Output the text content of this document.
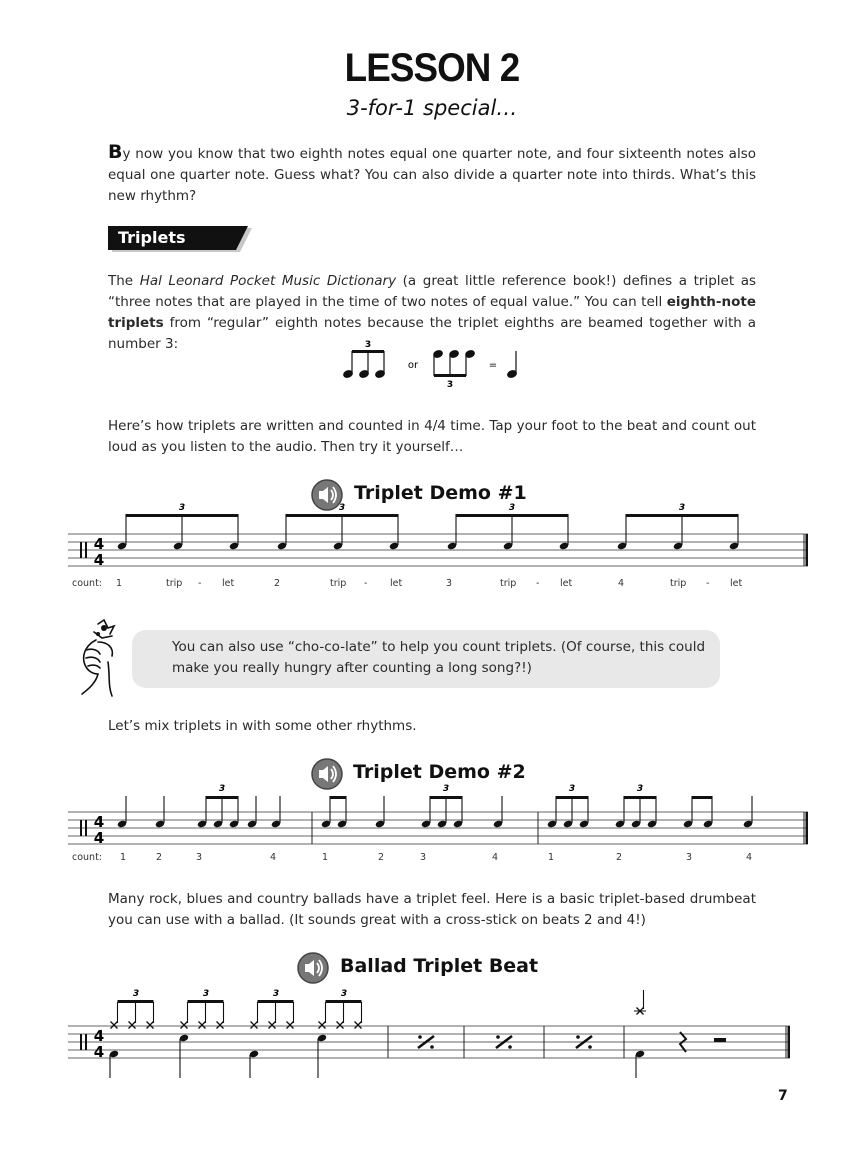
LESSON 2
3-for-1 special…
By now you know that two eighth notes equal one quarter note, and four sixteenth notes also equal one quarter note. Guess what? You can also divide a quarter note into thirds. What’s this new rhythm?
Triplets
The Hal Leonard Pocket Music Dictionary (a great little reference book!) defines a triplet as “three notes that are played in the time of two notes of equal value.” You can tell eighth-note triplets from “regular” eighth notes because the triplet eighths are beamed together with a number 3:	3
3
or	=
Here’s how triplets are written and counted in 4/4 time. Tap your foot to the beat and count out loud as you listen to the audio. Then try it yourself…
Triplet Demo #1
4
4
3	3	3	3
count: 1	trip - let	2	trip - let	3	trip - let	4	trip - let
You can also use “cho-co-late” to help you count triplets. (Of course, this could make you really hungry after counting a long song?!)
Let’s mix triplets in with some other rhythms.
Triplet Demo #2
4
4
3	3	3	3
count: 1	2	3	4	1	2	3	4	1	2	3	4
Many rock, blues and country ballads have a triplet feel. Here is a basic triplet-based drumbeat you can use with a ballad. (It sounds great with a cross-stick on beats 2 and 4!)
Ballad Triplet Beat
4
4
3	3	3	3
7
